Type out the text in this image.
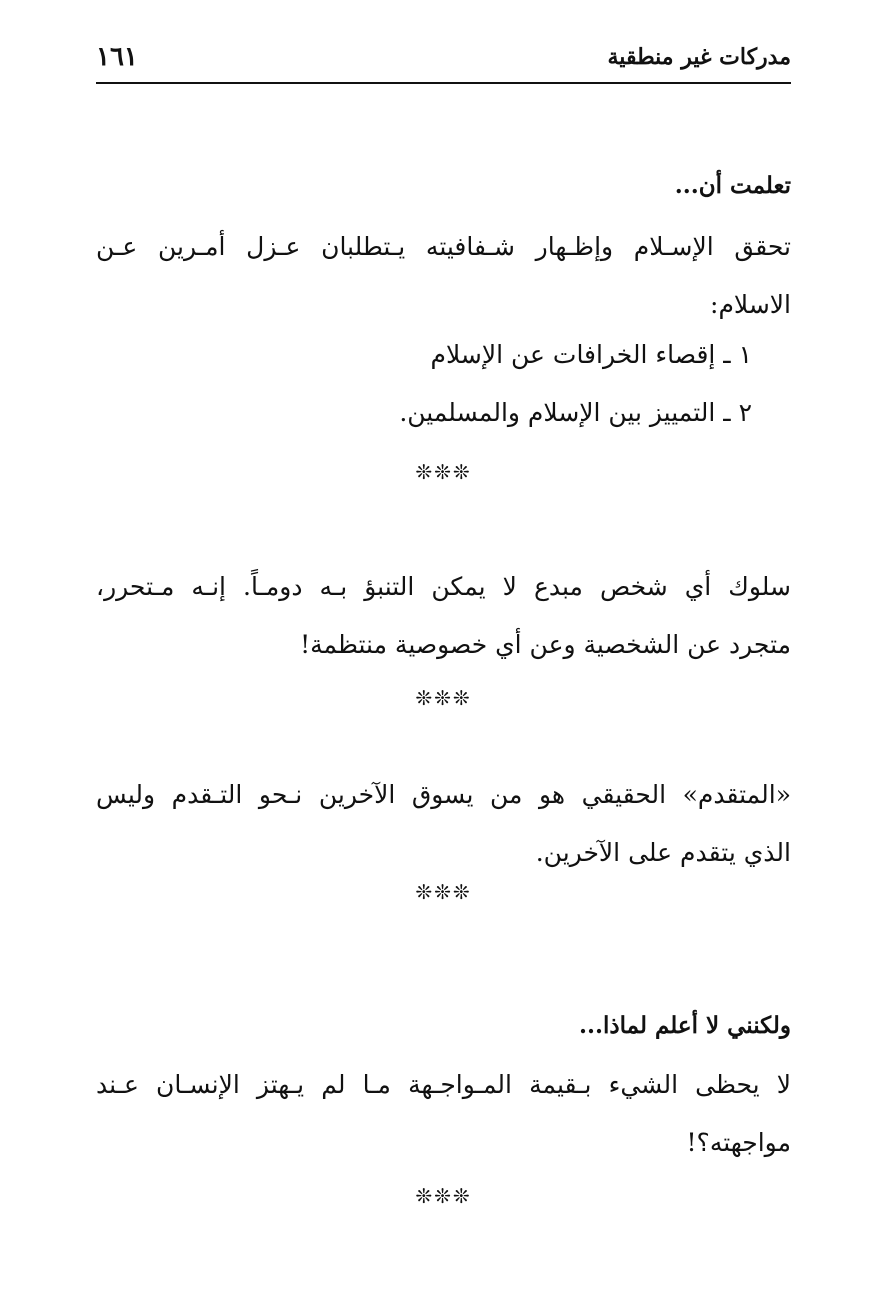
مدركات غير منطقية
١٦١
تعلمت أن...
تحقق الإسـلام وإظـهار شـفافيته يـتطلبان عـزل أمـرين عـن
الاسلام:
١ ـ إقصاء الخرافات عن الإسلام
٢ ـ التمييز بين الإسلام والمسلمين.
❊❊❊
سلوك أي شخص مبدع لا يمكن التنبؤ بـه دومـاً. إنـه مـتحرر،
متجرد عن الشخصية وعن أي خصوصية منتظمة!
❊❊❊
«المتقدم» الحقيقي هو من يسوق الآخرين نـحو التـقدم وليس
الذي يتقدم على الآخرين.
❊❊❊
ولكنني لا أعلم لماذا...
لا يحظى الشيء بـقيمة المـواجـهة مـا لم يـهتز الإنسـان عـند
مواجهته؟!
❊❊❊
